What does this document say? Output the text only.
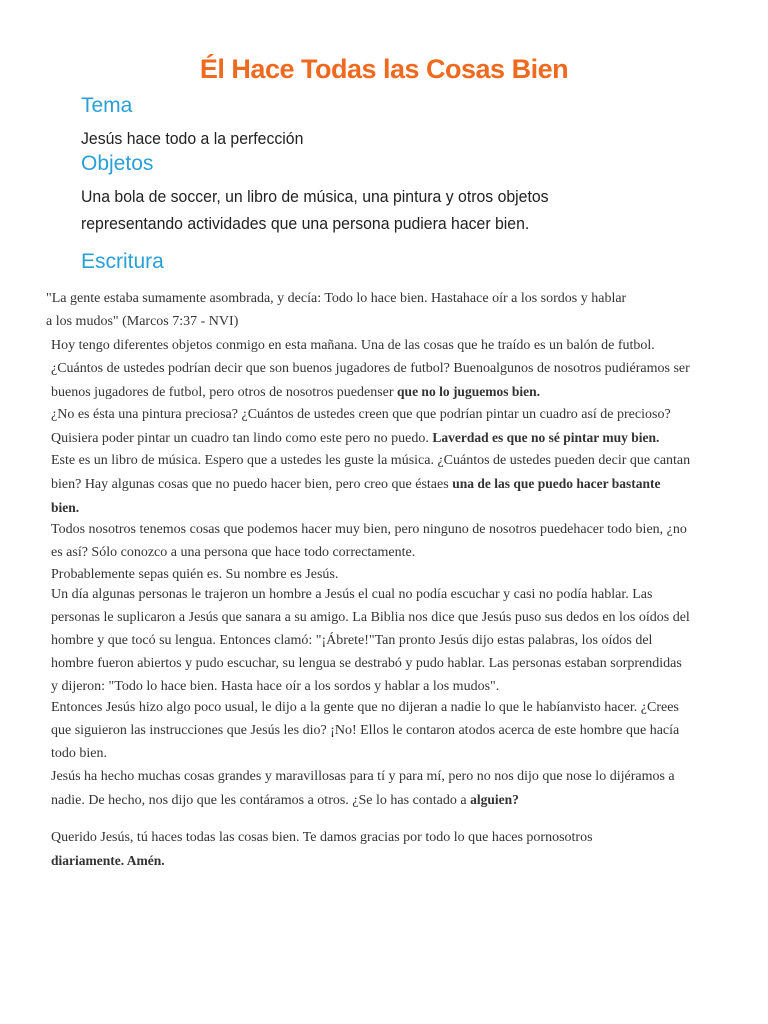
Él Hace Todas las Cosas Bien
Tema

Jesús hace todo a la perfección

Objetos

Una bola de soccer, un libro de música, una pintura y otros objetos
representando actividades que una persona pudiera hacer bien.

Escritura

"La gente estaba sumamente asombrada, y decía: Todo lo hace bien. Hastahace oír a los sordos y hablar
a los mudos" (Marcos 7:37 - NVI)

Hoy tengo diferentes objetos conmigo en esta mañana. Una de las cosas que he traído es un balón de futbol.
¿Cuántos de ustedes podrían decir que son buenos jugadores de futbol? Buenoalgunos de nosotros pudiéramos ser
buenos jugadores de futbol, pero otros de nosotros puedenser que no lo juguemos bien.

¿No es ésta una pintura preciosa? ¿Cuántos de ustedes creen que que podrían pintar un cuadro así de precioso?
Quisiera poder pintar un cuadro tan lindo como este pero no puedo. Laverdad es que no sé pintar muy bien.

Este es un libro de música. Espero que a ustedes les guste la música. ¿Cuántos de ustedes pueden decir que cantan
bien? Hay algunas cosas que no puedo hacer bien, pero creo que éstaes una de las que puedo hacer bastante
bien.

Todos nosotros tenemos cosas que podemos hacer muy bien, pero ninguno de nosotros puedehacer todo bien, ¿no
es así? Sólo conozco a una persona que hace todo correctamente.

Probablemente sepas quién es. Su nombre es Jesús.

Un día algunas personas le trajeron un hombre a Jesús el cual no podía escuchar y casi no podía hablar. Las
personas le suplicaron a Jesús que sanara a su amigo. La Biblia nos dice que Jesús puso sus dedos en los oídos del
hombre y que tocó su lengua. Entonces clamó: "¡Ábrete!"Tan pronto Jesús dijo estas palabras, los oídos del
hombre fueron abiertos y pudo escuchar, su lengua se destrabó y pudo hablar. Las personas estaban sorprendidas
y dijeron: "Todo lo hace bien. Hasta hace oír a los sordos y hablar a los mudos".

Entonces Jesús hizo algo poco usual, le dijo a la gente que no dijeran a nadie lo que le habíanvisto hacer. ¿Crees
que siguieron las instrucciones que Jesús les dio? ¡No! Ellos le contaron atodos acerca de este hombre que hacía
todo bien.

Jesús ha hecho muchas cosas grandes y maravillosas para tí y para mí, pero no nos dijo que nose lo dijéramos a
nadie. De hecho, nos dijo que les contáramos a otros. ¿Se lo has contado a alguien?

Querido Jesús, tú haces todas las cosas bien. Te damos gracias por todo lo que haces pornosotros
diariamente. Amén.
